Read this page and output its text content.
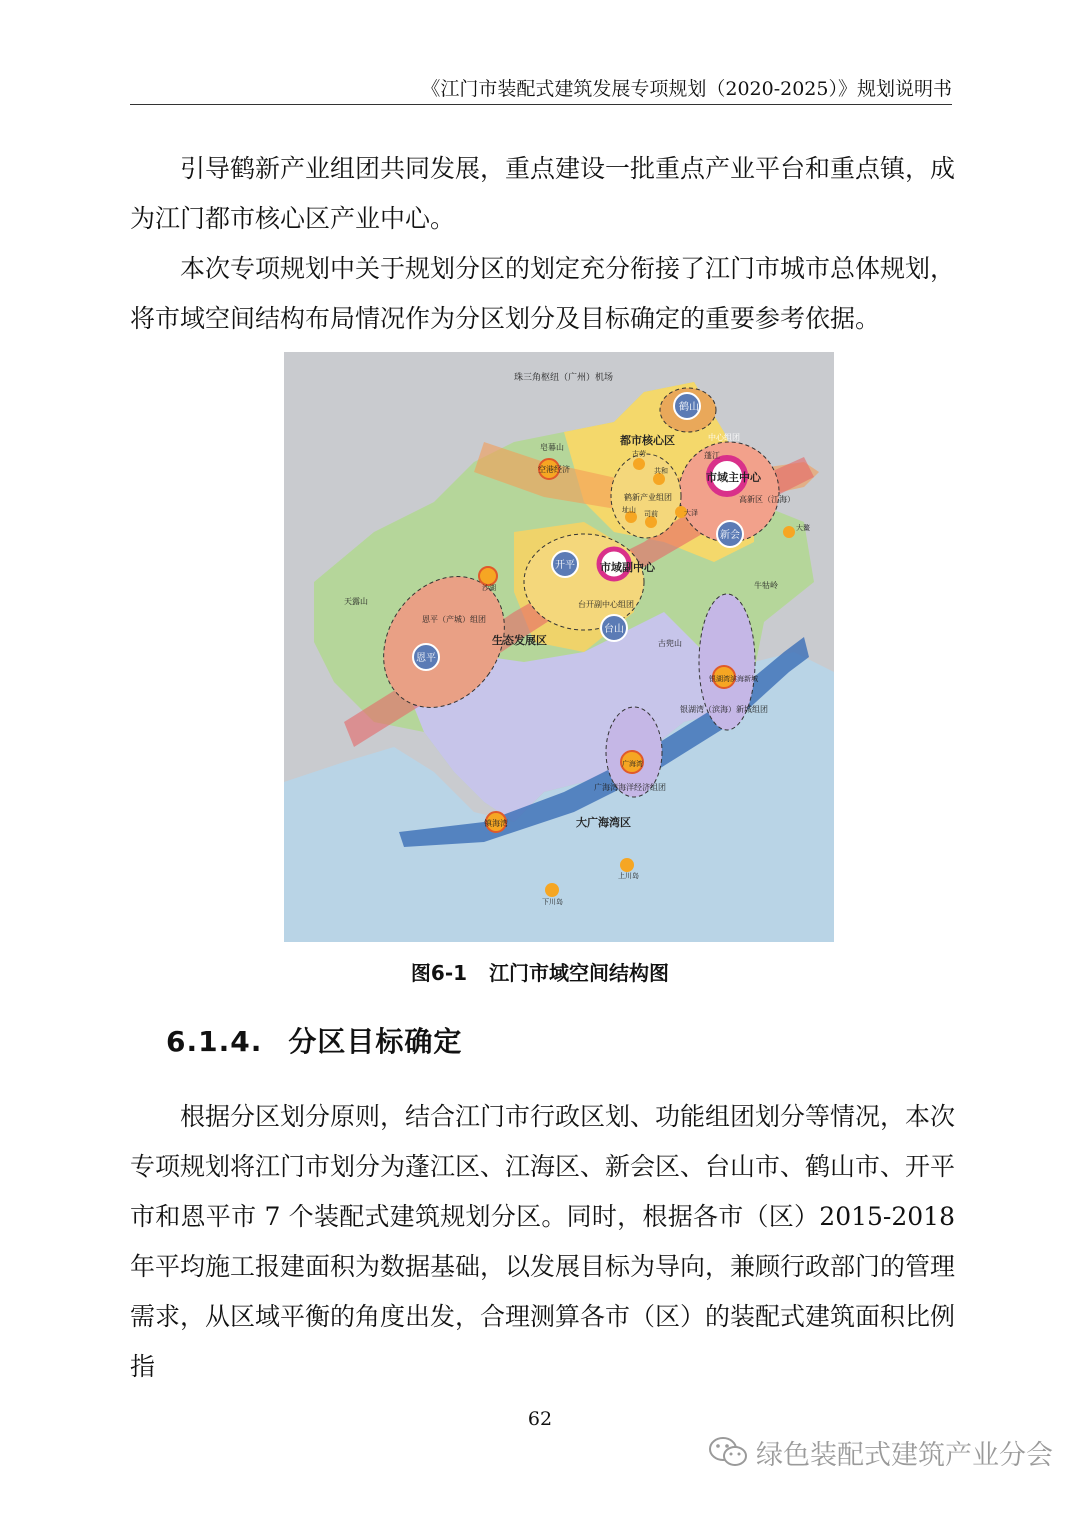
《江门市装配式建筑发展专项规划（2020-2025）》规划说明书
引导鹤新产业组团共同发展，重点建设一批重点产业平台和重点镇，成为江门都市核心区产业中心。
本次专项规划中关于规划分区的划定充分衔接了江门市城市总体规划，将市域空间结构布局情况作为分区划分及目标确定的重要参考依据。
珠三角枢纽（广州）机场
鹤山
都市核心区	中心组团
蓬江
市域主中心
高新区（江海）
新会
大鳌
鹤新产业组团
古劳
共和
址山 司前	大泽
空港经济
皂幕山
开平 市域副中心
台开副中心组团
台山
沙湖
天露山
恩平（产城）组团
恩平
生态发展区	古兜山
牛牯岭
银湖湾滨海新城
银湖湾（滨海）新城组团
广海湾
广海湾海洋经济组团
镇海湾	大广海湾区
上川岛
下川岛
图6-1 江门市域空间结构图
6.1.4. 分区目标确定
根据分区划分原则，结合江门市行政区划、功能组团划分等情况，本次专项规划将江门市划分为蓬江区、江海区、新会区、台山市、鹤山市、开平市和恩平市 7 个装配式建筑规划分区。同时，根据各市（区）2015-2018 年平均施工报建面积为数据基础，以发展目标为导向，兼顾行政部门的管理需求，从区域平衡的角度出发，合理测算各市（区）的装配式建筑面积比例指
62
绿色装配式建筑产业分会
